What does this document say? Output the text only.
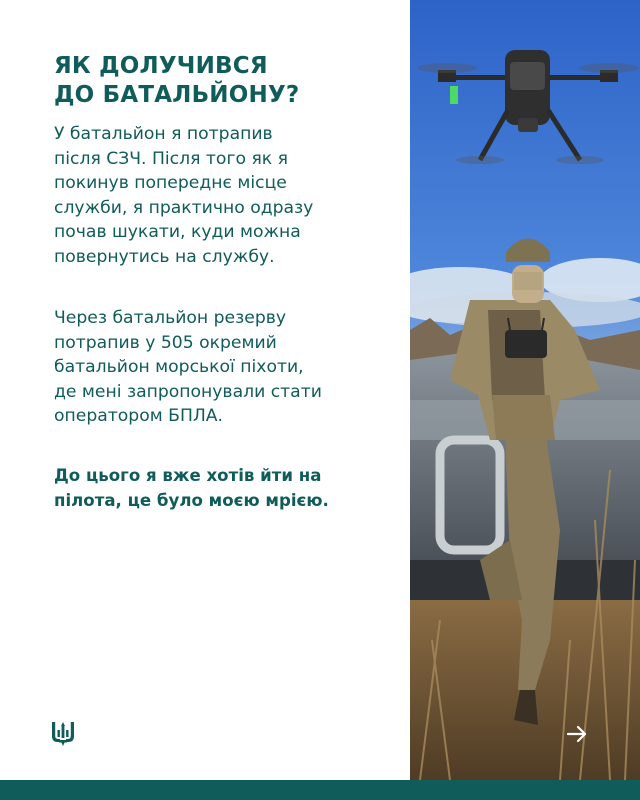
ЯК ДОЛУЧИВСЯ
ДО БАТАЛЬЙОНУ?

У батальйон я потрапив
після СЗЧ. Після того як я
покинув попереднє місце
служби, я практично одразу
почав шукати, куди можна
повернутись на службу.

Через батальйон резерву
потрапив у 505 окремий
батальйон морської піхоти,
де мені запропонували стати
оператором БПЛА.

До цього я вже хотів йти на
пілота, це було моєю мрією.
